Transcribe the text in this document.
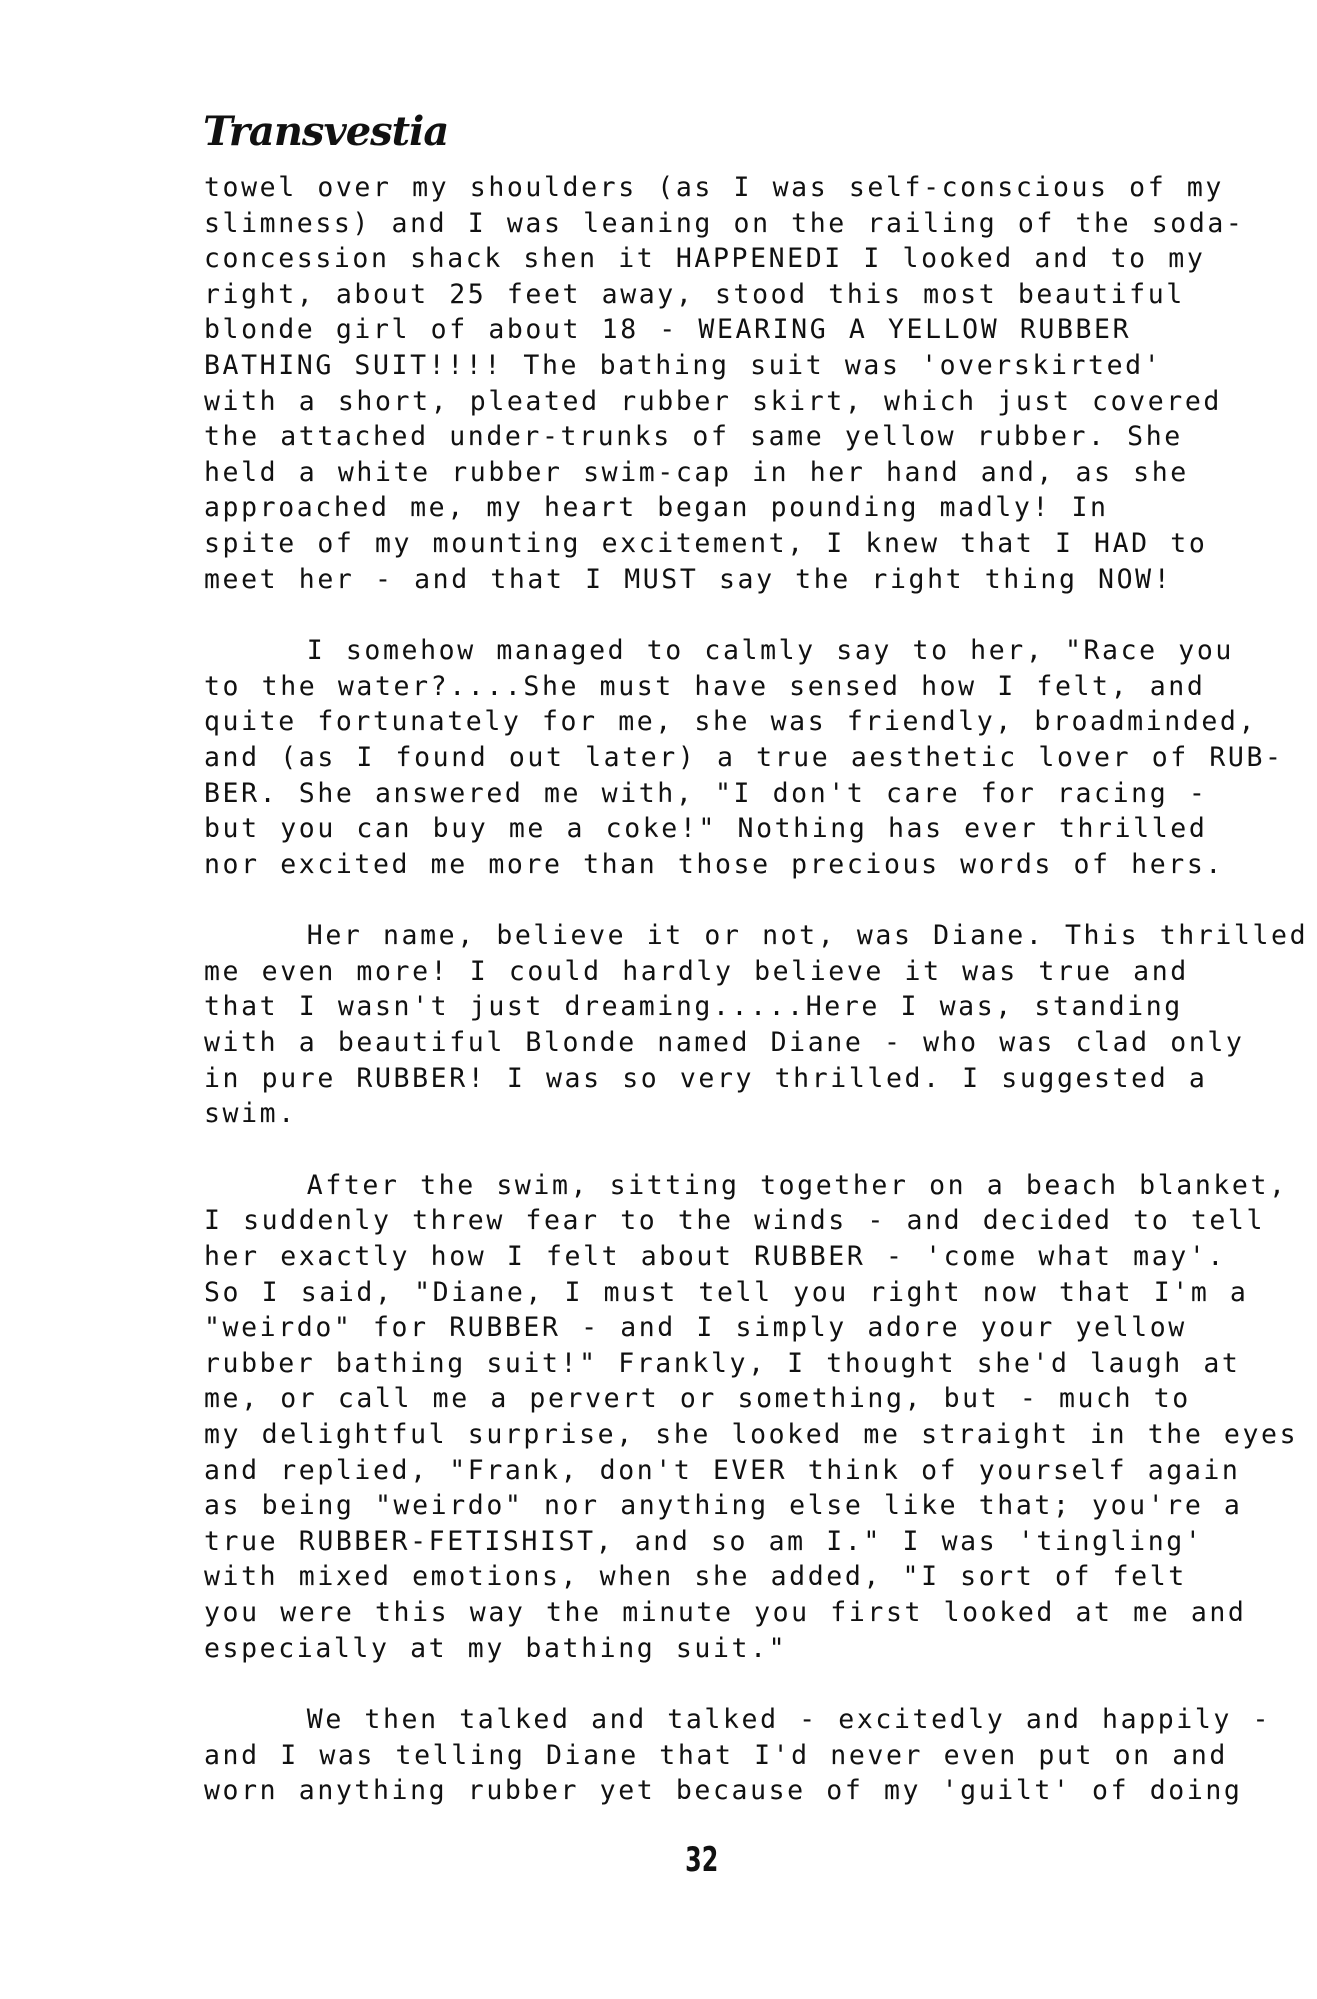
Transvestia

towel over my shoulders (as I was self-conscious of my
slimness) and I was leaning on the railing of the soda-
concession shack shen it HAPPENEDI I looked and to my
right, about 25 feet away, stood this most beautiful
blonde girl of about 18 - WEARING A YELLOW RUBBER
BATHING SUIT!!!! The bathing suit was 'overskirted'
with a short, pleated rubber skirt, which just covered
the attached under-trunks of same yellow rubber. She
held a white rubber swim-cap in her hand and, as she
approached me, my heart began pounding madly! In
spite of my mounting excitement, I knew that I HAD to
meet her - and that I MUST say the right thing NOW!

I somehow managed to calmly say to her, "Race you
to the water?....She must have sensed how I felt, and
quite fortunately for me, she was friendly, broadminded,
and (as I found out later) a true aesthetic lover of RUB-
BER. She answered me with, "I don't care for racing -
but you can buy me a coke!" Nothing has ever thrilled
nor excited me more than those precious words of hers.

Her name, believe it or not, was Diane. This thrilled
me even more! I could hardly believe it was true and
that I wasn't just dreaming.....Here I was, standing
with a beautiful Blonde named Diane - who was clad only
in pure RUBBER! I was so very thrilled. I suggested a
swim.

After the swim, sitting together on a beach blanket,
I suddenly threw fear to the winds - and decided to tell
her exactly how I felt about RUBBER - 'come what may'.
So I said, "Diane, I must tell you right now that I'm a
"weirdo" for RUBBER - and I simply adore your yellow
rubber bathing suit!" Frankly, I thought she'd laugh at
me, or call me a pervert or something, but - much to
my delightful surprise, she looked me straight in the eyes
and replied, "Frank, don't EVER think of yourself again
as being "weirdo" nor anything else like that; you're a
true RUBBER-FETISHIST, and so am I." I was 'tingling'
with mixed emotions, when she added, "I sort of felt
you were this way the minute you first looked at me and
especially at my bathing suit."

We then talked and talked - excitedly and happily -
and I was telling Diane that I'd never even put on and
worn anything rubber yet because of my 'guilt' of doing

32
